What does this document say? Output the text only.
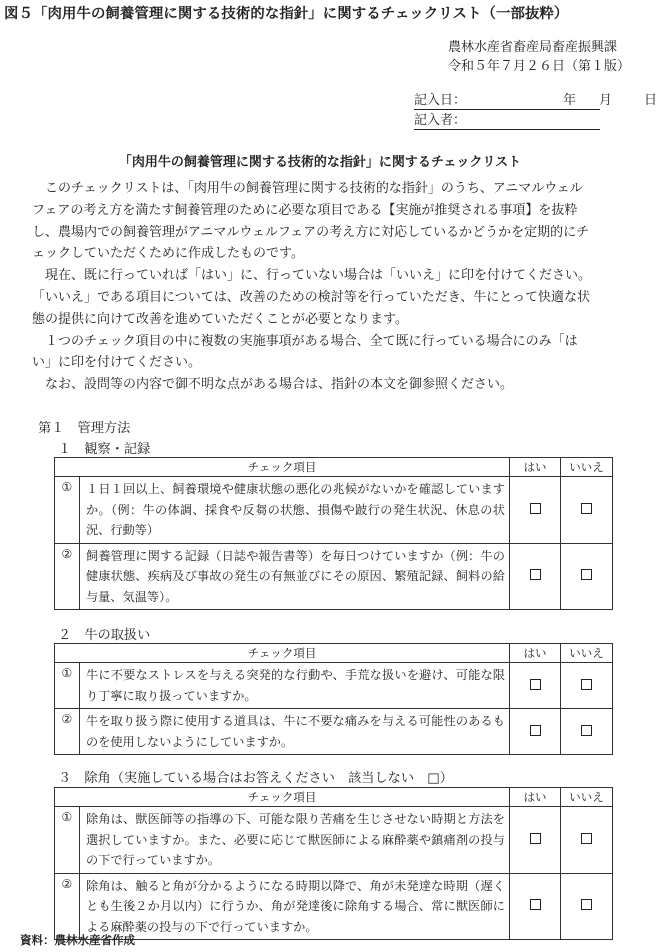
図５「肉用牛の飼養管理に関する技術的な指針」に関するチェックリスト（一部抜粋）
農林水産省畜産局畜産振興課
令和５年７月２６日（第１版）
記入日：	年 月 日
記入者：
「肉用牛の飼養管理に関する技術的な指針」に関するチェックリスト

このチェックリストは、「肉用牛の飼養管理に関する技術的な指針」のうち、アニマルウェルフェアの考え方を満たす飼養管理のために必要な項目である【実施が推奨される事項】を抜粋し、農場内での飼養管理がアニマルウェルフェアの考え方に対応しているかどうかを定期的にチェックしていただくために作成したものです。

現在、既に行っていれば「はい」に、行っていない場合は「いいえ」に印を付けてください。「いいえ」である項目については、改善のための検討等を行っていただき、牛にとって快適な状態の提供に向けて改善を進めていただくことが必要となります。

１つのチェック項目の中に複数の実施事項がある場合、全て既に行っている場合にのみ「はい」に印を付けてください。

なお、設問等の内容で御不明な点がある場合は、指針の本文を御参照ください。

第１　管理方法
１　観察・記録
チェック項目		はい	いいえ
①	１日１回以上、飼養環境や健康状態の悪化の兆候がないかを確認していますか。（例：牛の体調、採食や反芻の状態、損傷や跛行の発生状況、休息の状況、行動等）		
②	飼養管理に関する記録（日誌や報告書等）を毎日つけていますか（例：牛の健康状態、疾病及び事故の発生の有無並びにその原因、繁殖記録、飼料の給与量、気温等）。		
２　牛の取扱い
チェック項目		はい	いいえ
①	牛に不要なストレスを与える突発的な行動や、手荒な扱いを避け、可能な限り丁寧に取り扱っていますか。		
②	牛を取り扱う際に使用する道具は、牛に不要な痛みを与える可能性のあるものを使用しないようにしていますか。		
３　除角（実施している場合はお答えください　該当しない　□）
チェック項目		はい	いいえ
①	除角は、獣医師等の指導の下、可能な限り苦痛を生じさせない時期と方法を選択していますか。また、必要に応じて獣医師による麻酔薬や鎮痛剤の投与の下で行っていますか。		
②	除角は、触ると角が分かるようになる時期以降で、角が未発達な時期（遅くとも生後２か月以内）に行うか、角が発達後に除角する場合、常に獣医師による麻酔薬の投与の下で行っていますか。		
資料：農林水産省作成
